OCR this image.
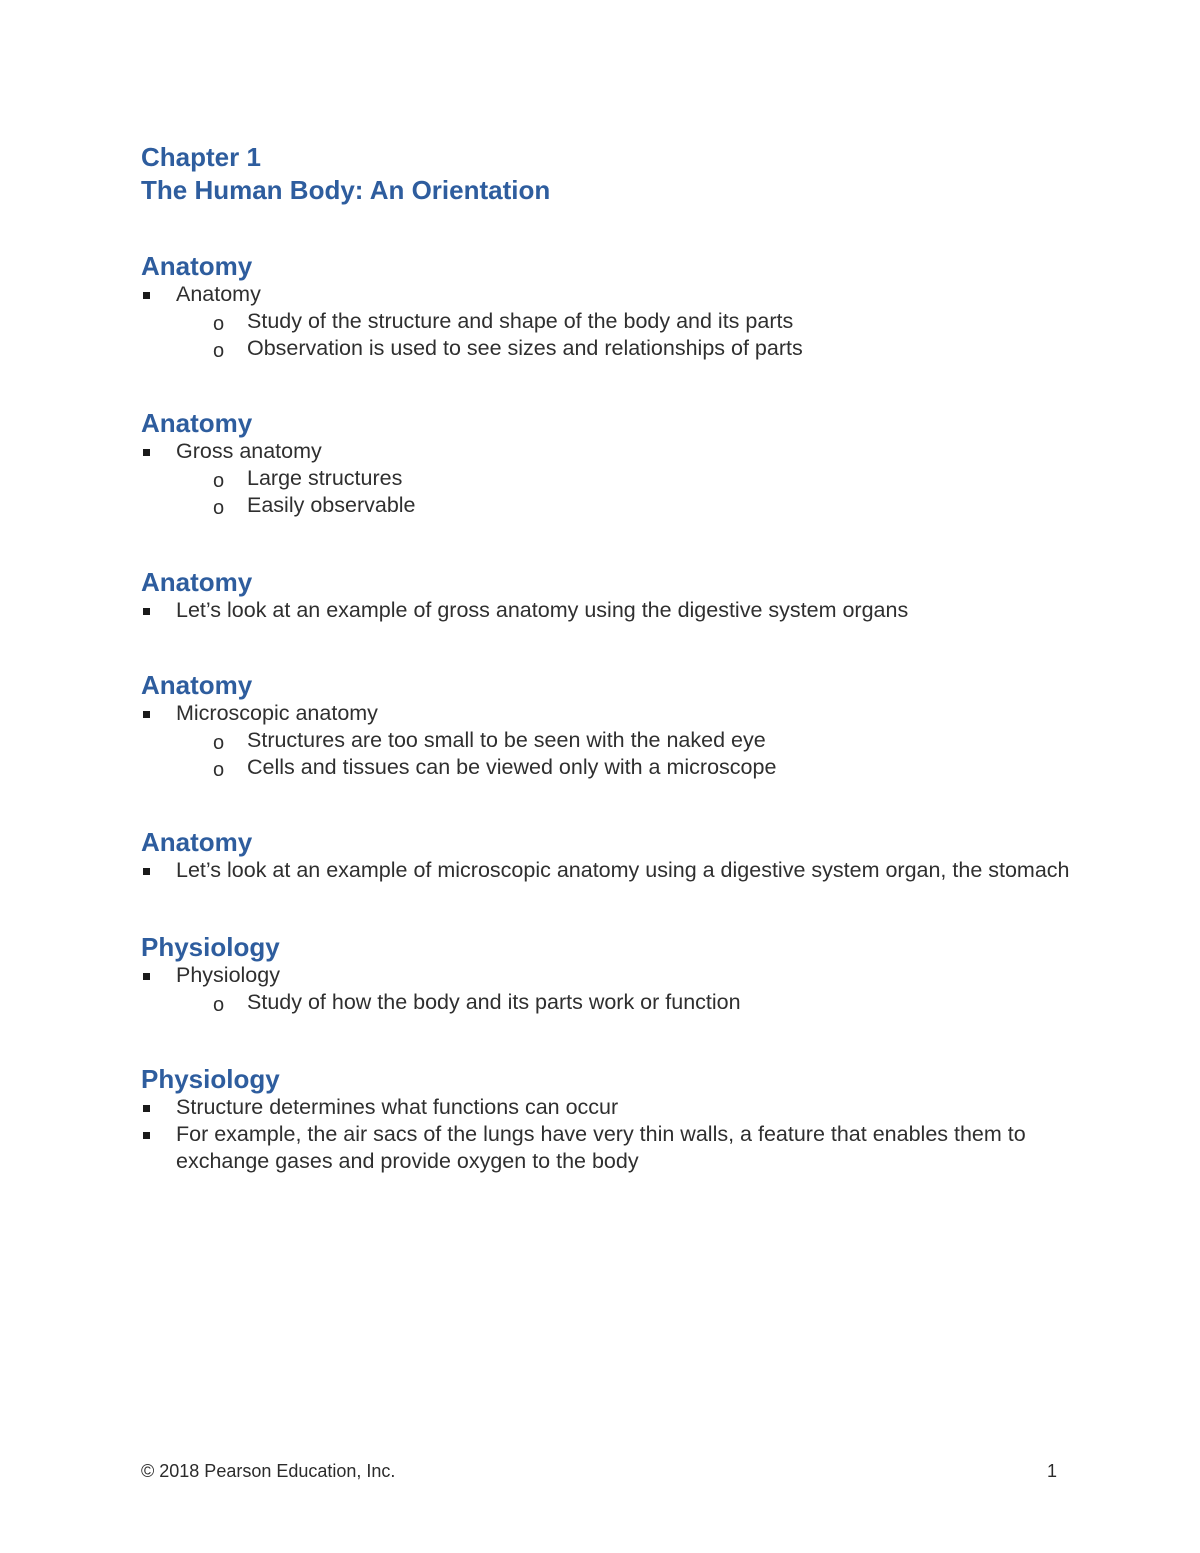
Chapter 1
The Human Body: An Orientation
Anatomy
Anatomy
o Study of the structure and shape of the body and its parts
o Observation is used to see sizes and relationships of parts
Anatomy
Gross anatomy
o Large structures
o Easily observable
Anatomy
Let’s look at an example of gross anatomy using the digestive system organs
Anatomy
Microscopic anatomy
o Structures are too small to be seen with the naked eye
o Cells and tissues can be viewed only with a microscope
Anatomy
Let’s look at an example of microscopic anatomy using a digestive system organ, the stomach
Physiology
Physiology
o Study of how the body and its parts work or function
Physiology
Structure determines what functions can occur
For example, the air sacs of the lungs have very thin walls, a feature that enables them to exchange gases and provide oxygen to the body
© 2018 Pearson Education, Inc.	1
